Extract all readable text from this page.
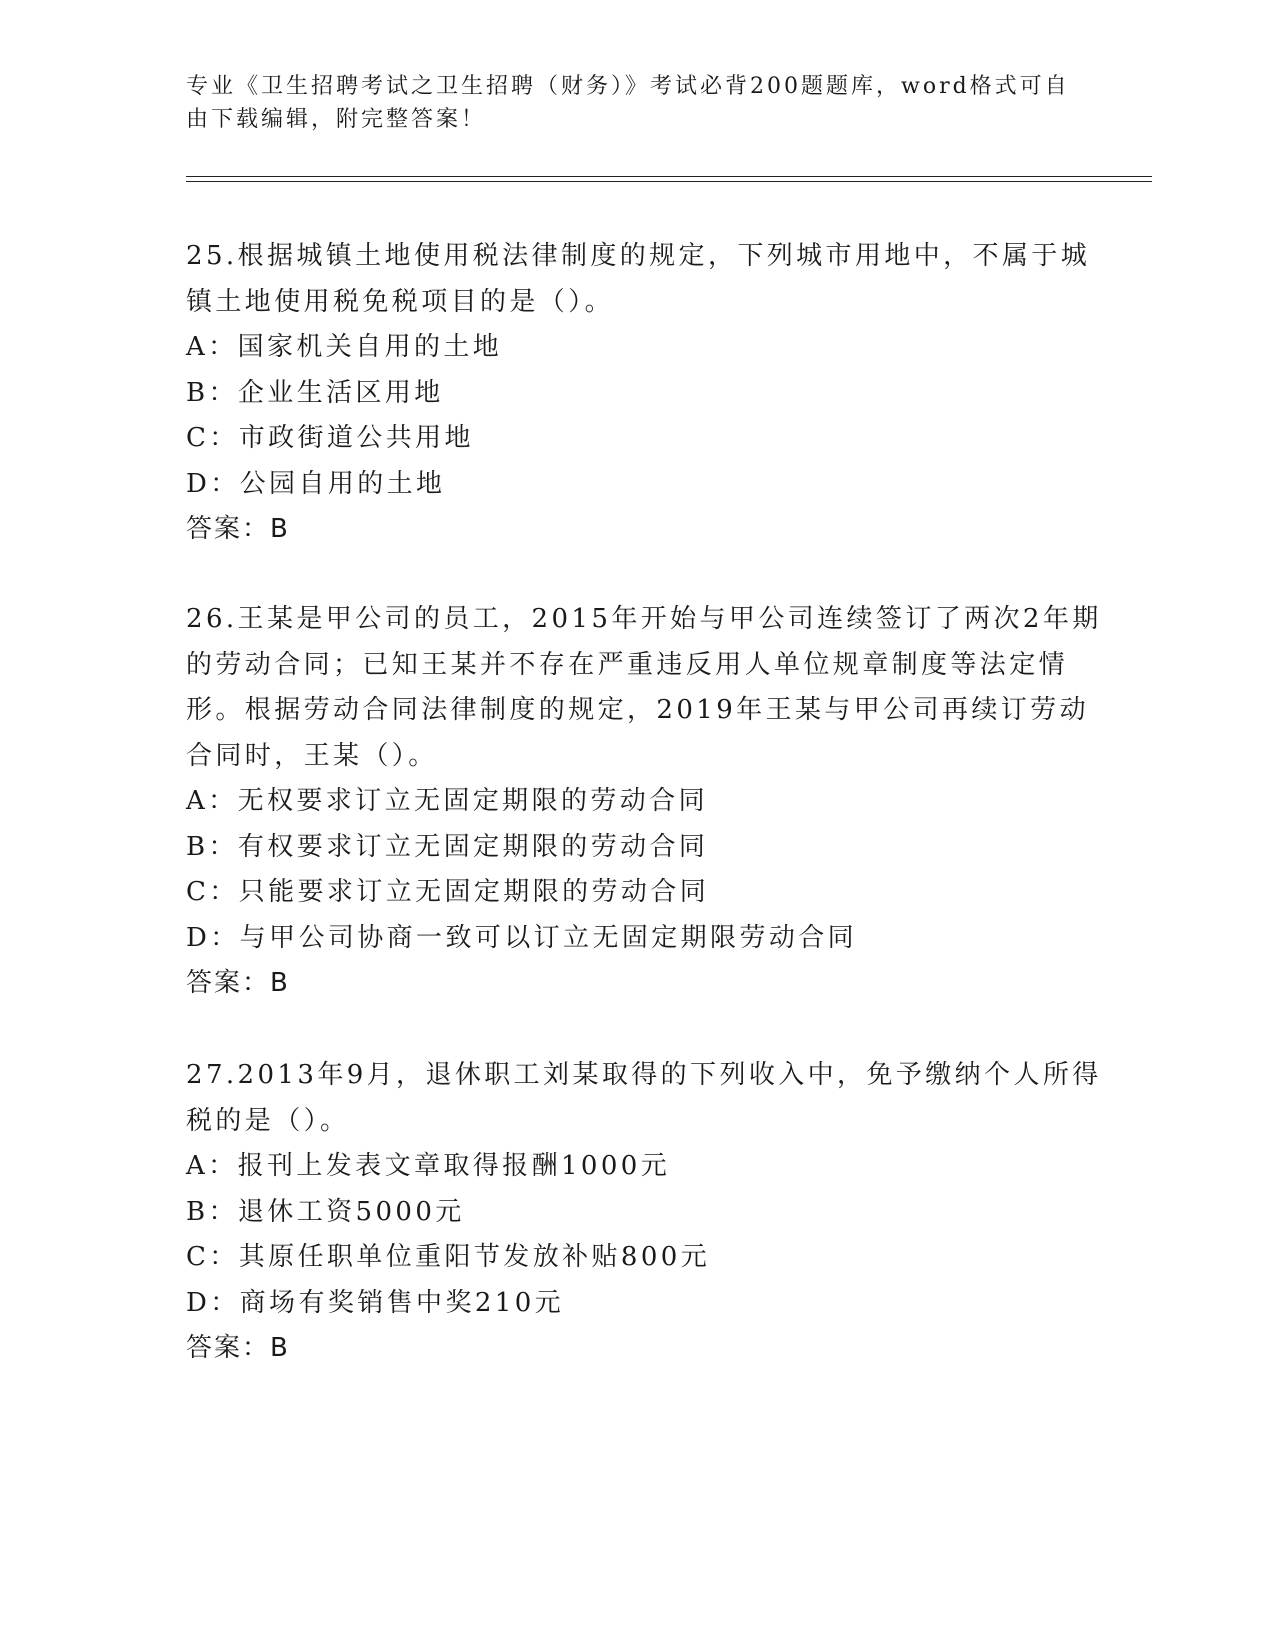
专业《卫生招聘考试之卫生招聘（财务）》考试必背200题题库，word格式可自
由下载编辑，附完整答案！
25.根据城镇土地使用税法律制度的规定，下列城市用地中，不属于城
镇土地使用税免税项目的是（）。
A：国家机关自用的土地
B：企业生活区用地
C：市政街道公共用地
D：公园自用的土地
答案：B
26.王某是甲公司的员工，2015年开始与甲公司连续签订了两次2年期
的劳动合同；已知王某并不存在严重违反用人单位规章制度等法定情
形。根据劳动合同法律制度的规定，2019年王某与甲公司再续订劳动
合同时，王某（）。
A：无权要求订立无固定期限的劳动合同
B：有权要求订立无固定期限的劳动合同
C：只能要求订立无固定期限的劳动合同
D：与甲公司协商一致可以订立无固定期限劳动合同
答案：B
27.2013年9月，退休职工刘某取得的下列收入中，免予缴纳个人所得
税的是（）。
A：报刊上发表文章取得报酬1000元
B：退休工资5000元
C：其原任职单位重阳节发放补贴800元
D：商场有奖销售中奖210元
答案：B
